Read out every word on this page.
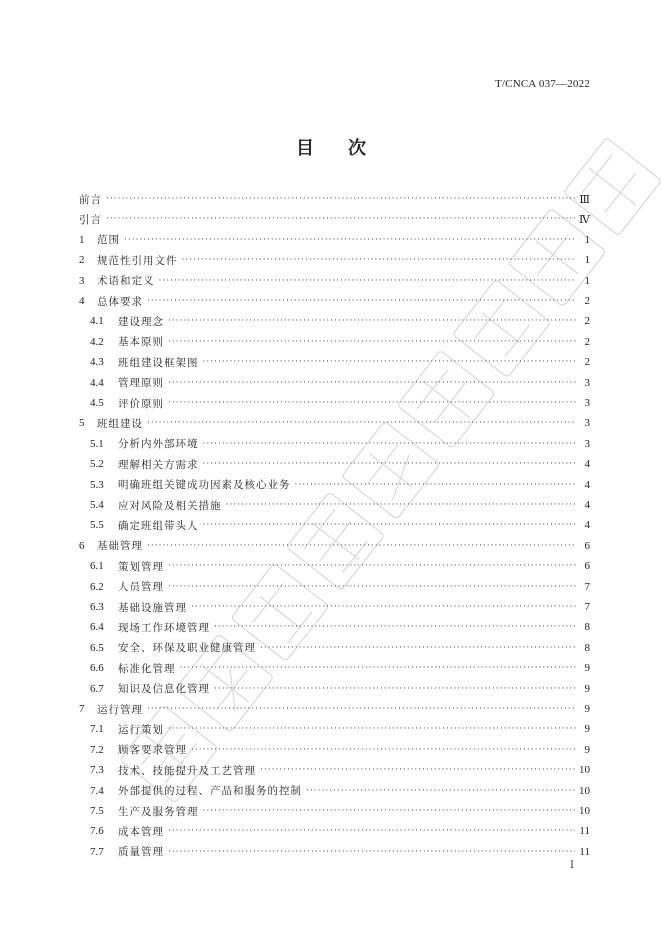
T/CNCA 037—2022
目次
前言 ·····	Ⅲ
引言 ·····	Ⅳ
1	范围 ·····	1
2	规范性引用文件 ·····	1
3	术语和定义 ·····	1
4	总体要求 ·····	2
4.1	建设理念 ·····	2
4.2	基本原则 ·····	2
4.3	班组建设框架图 ·····	2
4.4	管理原则 ·····	3
4.5	评价原则 ·····	3
5	班组建设 ·····	3
5.1	分析内外部环境 ·····	3
5.2	理解相关方需求 ·····	4
5.3	明确班组关键成功因素及核心业务 ·····	4
5.4	应对风险及相关措施 ·····	4
5.5	确定班组带头人 ·····	4
6	基础管理 ·····	6
6.1	策划管理 ·····	6
6.2	人员管理 ·····	7
6.3	基础设施管理 ·····	7
6.4	现场工作环境管理 ·····	8
6.5	安全、环保及职业健康管理 ·····	8
6.6	标准化管理 ·····	9
6.7	知识及信息化管理 ·····	9
7	运行管理 ·····	9
7.1	运行策划 ·····	9
7.2	顾客要求管理 ·····	9
7.3	技术、技能提升及工艺管理 ·····	10
7.4	外部提供的过程、产品和服务的控制 ·····	10
7.5	生产及服务管理 ·····	10
7.6	成本管理 ·····	11
7.7	质量管理 ·····	11
Ⅰ
